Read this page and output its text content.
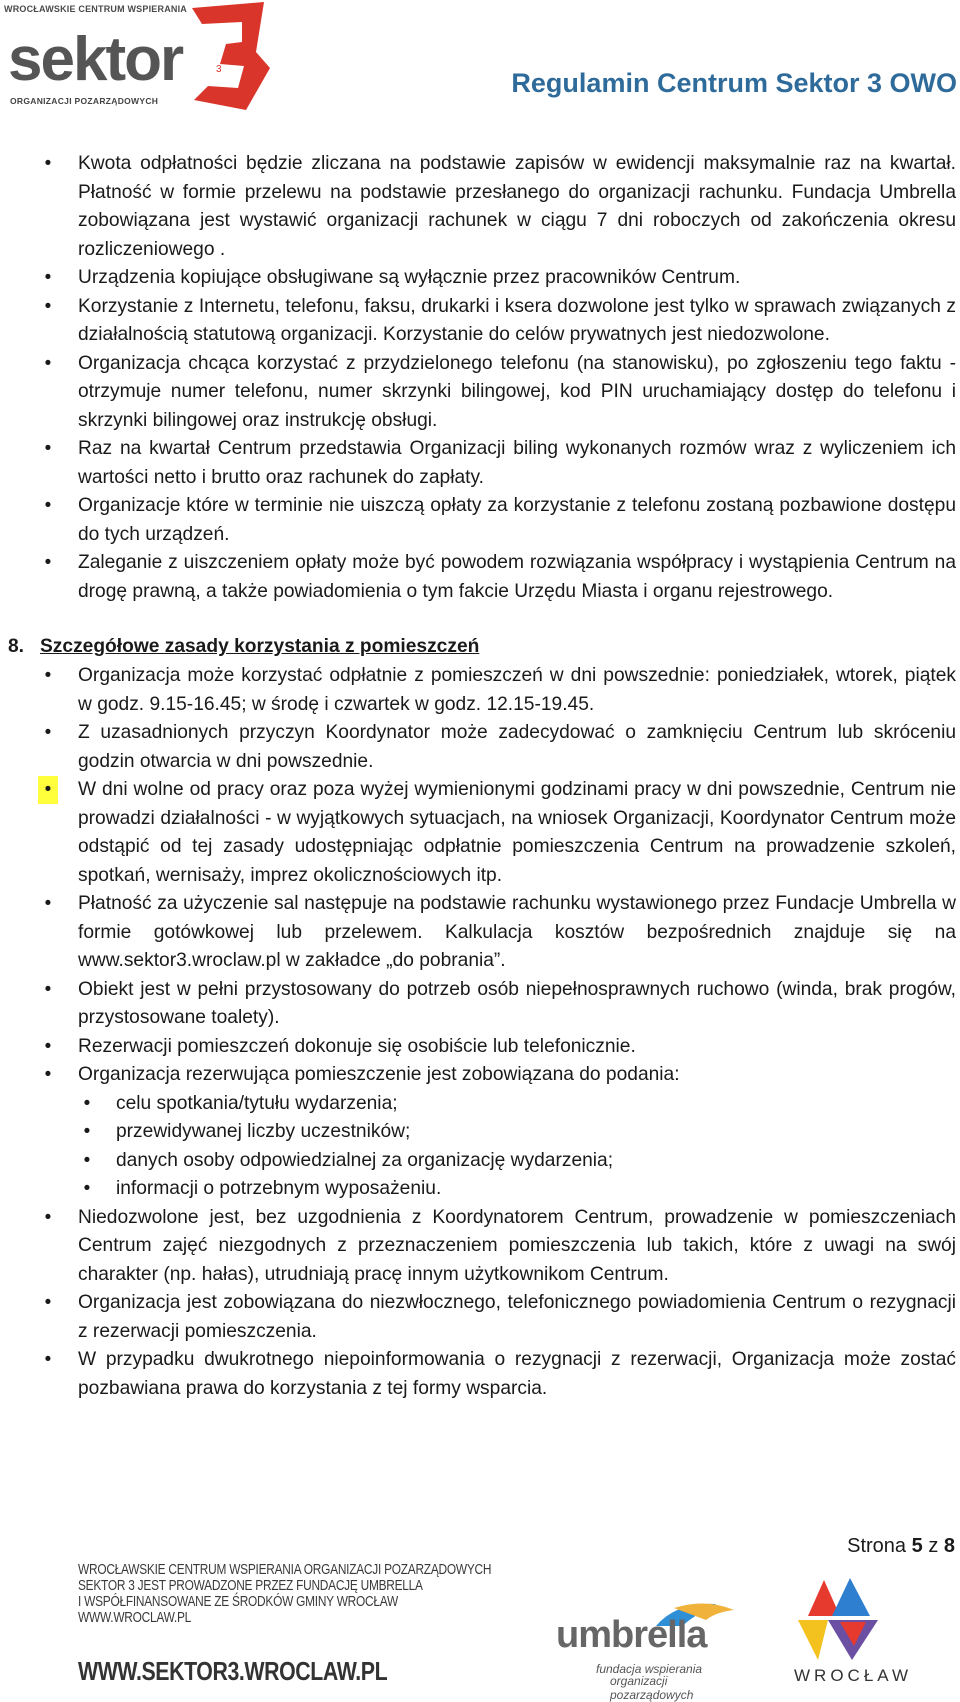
WROCŁAWSKIE CENTRUM WSPIERANIA
sektor	3
ORGANIZACJI POZARZĄDOWYCH
Regulamin Centrum Sektor 3 OWO
•	Kwota odpłatności będzie zliczana na podstawie zapisów w ewidencji maksymalnie raz na kwartał. Płatność w formie przelewu na podstawie przesłanego do organizacji rachunku. Fundacja Umbrella zobowiązana jest wystawić organizacji rachunek w ciągu 7 dni roboczych od zakończenia okresu rozliczeniowego .
•	Urządzenia kopiujące obsługiwane są wyłącznie przez pracowników Centrum.
•	Korzystanie z Internetu, telefonu, faksu, drukarki i ksera dozwolone jest tylko w sprawach związanych z działalnością statutową organizacji. Korzystanie do celów prywatnych jest niedozwolone.
•	Organizacja chcąca korzystać z przydzielonego telefonu (na stanowisku), po zgłoszeniu tego faktu - otrzymuje numer telefonu, numer skrzynki bilingowej, kod PIN uruchamiający dostęp do telefonu i skrzynki bilingowej oraz instrukcję obsługi.
•	Raz na kwartał Centrum przedstawia Organizacji biling wykonanych rozmów wraz z wyliczeniem ich wartości netto i brutto oraz rachunek do zapłaty.
•	Organizacje które w terminie nie uiszczą opłaty za korzystanie z telefonu zostaną pozbawione dostępu do tych urządzeń.
•	Zaleganie z uiszczeniem opłaty może być powodem rozwiązania współpracy i wystąpienia Centrum na drogę prawną, a także powiadomienia o tym fakcie Urzędu Miasta i organu rejestrowego.
8. Szczegółowe zasady korzystania z pomieszczeń
•	Organizacja może korzystać odpłatnie z pomieszczeń w dni powszednie: poniedziałek, wtorek, piątek w godz. 9.15-16.45; w środę i czwartek w godz. 12.15-19.45.
•	Z uzasadnionych przyczyn Koordynator może zadecydować o zamknięciu Centrum lub skróceniu godzin otwarcia w dni powszednie.
•	W dni wolne od pracy oraz poza wyżej wymienionymi godzinami pracy w dni powszednie, Centrum nie prowadzi działalności - w wyjątkowych sytuacjach, na wniosek Organizacji, Koordynator Centrum może odstąpić od tej zasady udostępniając odpłatnie pomieszczenia Centrum na prowadzenie szkoleń, spotkań, wernisaży, imprez okolicznościowych itp.
•	Płatność za użyczenie sal następuje na podstawie rachunku wystawionego przez Fundacje Umbrella w formie gotówkowej lub przelewem. Kalkulacja kosztów bezpośrednich znajduje się na www.sektor3.wroclaw.pl w zakładce „do pobrania”.
•	Obiekt jest w pełni przystosowany do potrzeb osób niepełnosprawnych ruchowo (winda, brak progów, przystosowane toalety).
•	Rezerwacji pomieszczeń dokonuje się osobiście lub telefonicznie.
•	Organizacja rezerwująca pomieszczenie jest zobowiązana do podania:
•	celu spotkania/tytułu wydarzenia;
•	przewidywanej liczby uczestników;
•	danych osoby odpowiedzialnej za organizację wydarzenia;
•	informacji o potrzebnym wyposażeniu.
•	Niedozwolone jest, bez uzgodnienia z Koordynatorem Centrum, prowadzenie w pomieszczeniach Centrum zajęć niezgodnych z przeznaczeniem pomieszczenia lub takich, które z uwagi na swój charakter (np. hałas), utrudniają pracę innym użytkownikom Centrum.
•	Organizacja jest zobowiązana do niezwłocznego, telefonicznego powiadomienia Centrum o rezygnacji z rezerwacji pomieszczenia.
•	W przypadku dwukrotnego niepoinformowania o rezygnacji z rezerwacji, Organizacja może zostać pozbawiana prawa do korzystania z tej formy wsparcia.
Strona 5 z 8
WROCŁAWSKIE CENTRUM WSPIERANIA ORGANIZACJI POZARZĄDOWYCH
SEKTOR 3 JEST PROWADZONE PRZEZ FUNDACJĘ UMBRELLA
I WSPÓŁFINANSOWANE ZE ŚRODKÓW GMINY WROCŁAW
WWW.WROCLAW.PL
WWW.SEKTOR3.WROCLAW.PL
umbrella
fundacja wspierania
organizacji pozarządowych
WROCŁAW
